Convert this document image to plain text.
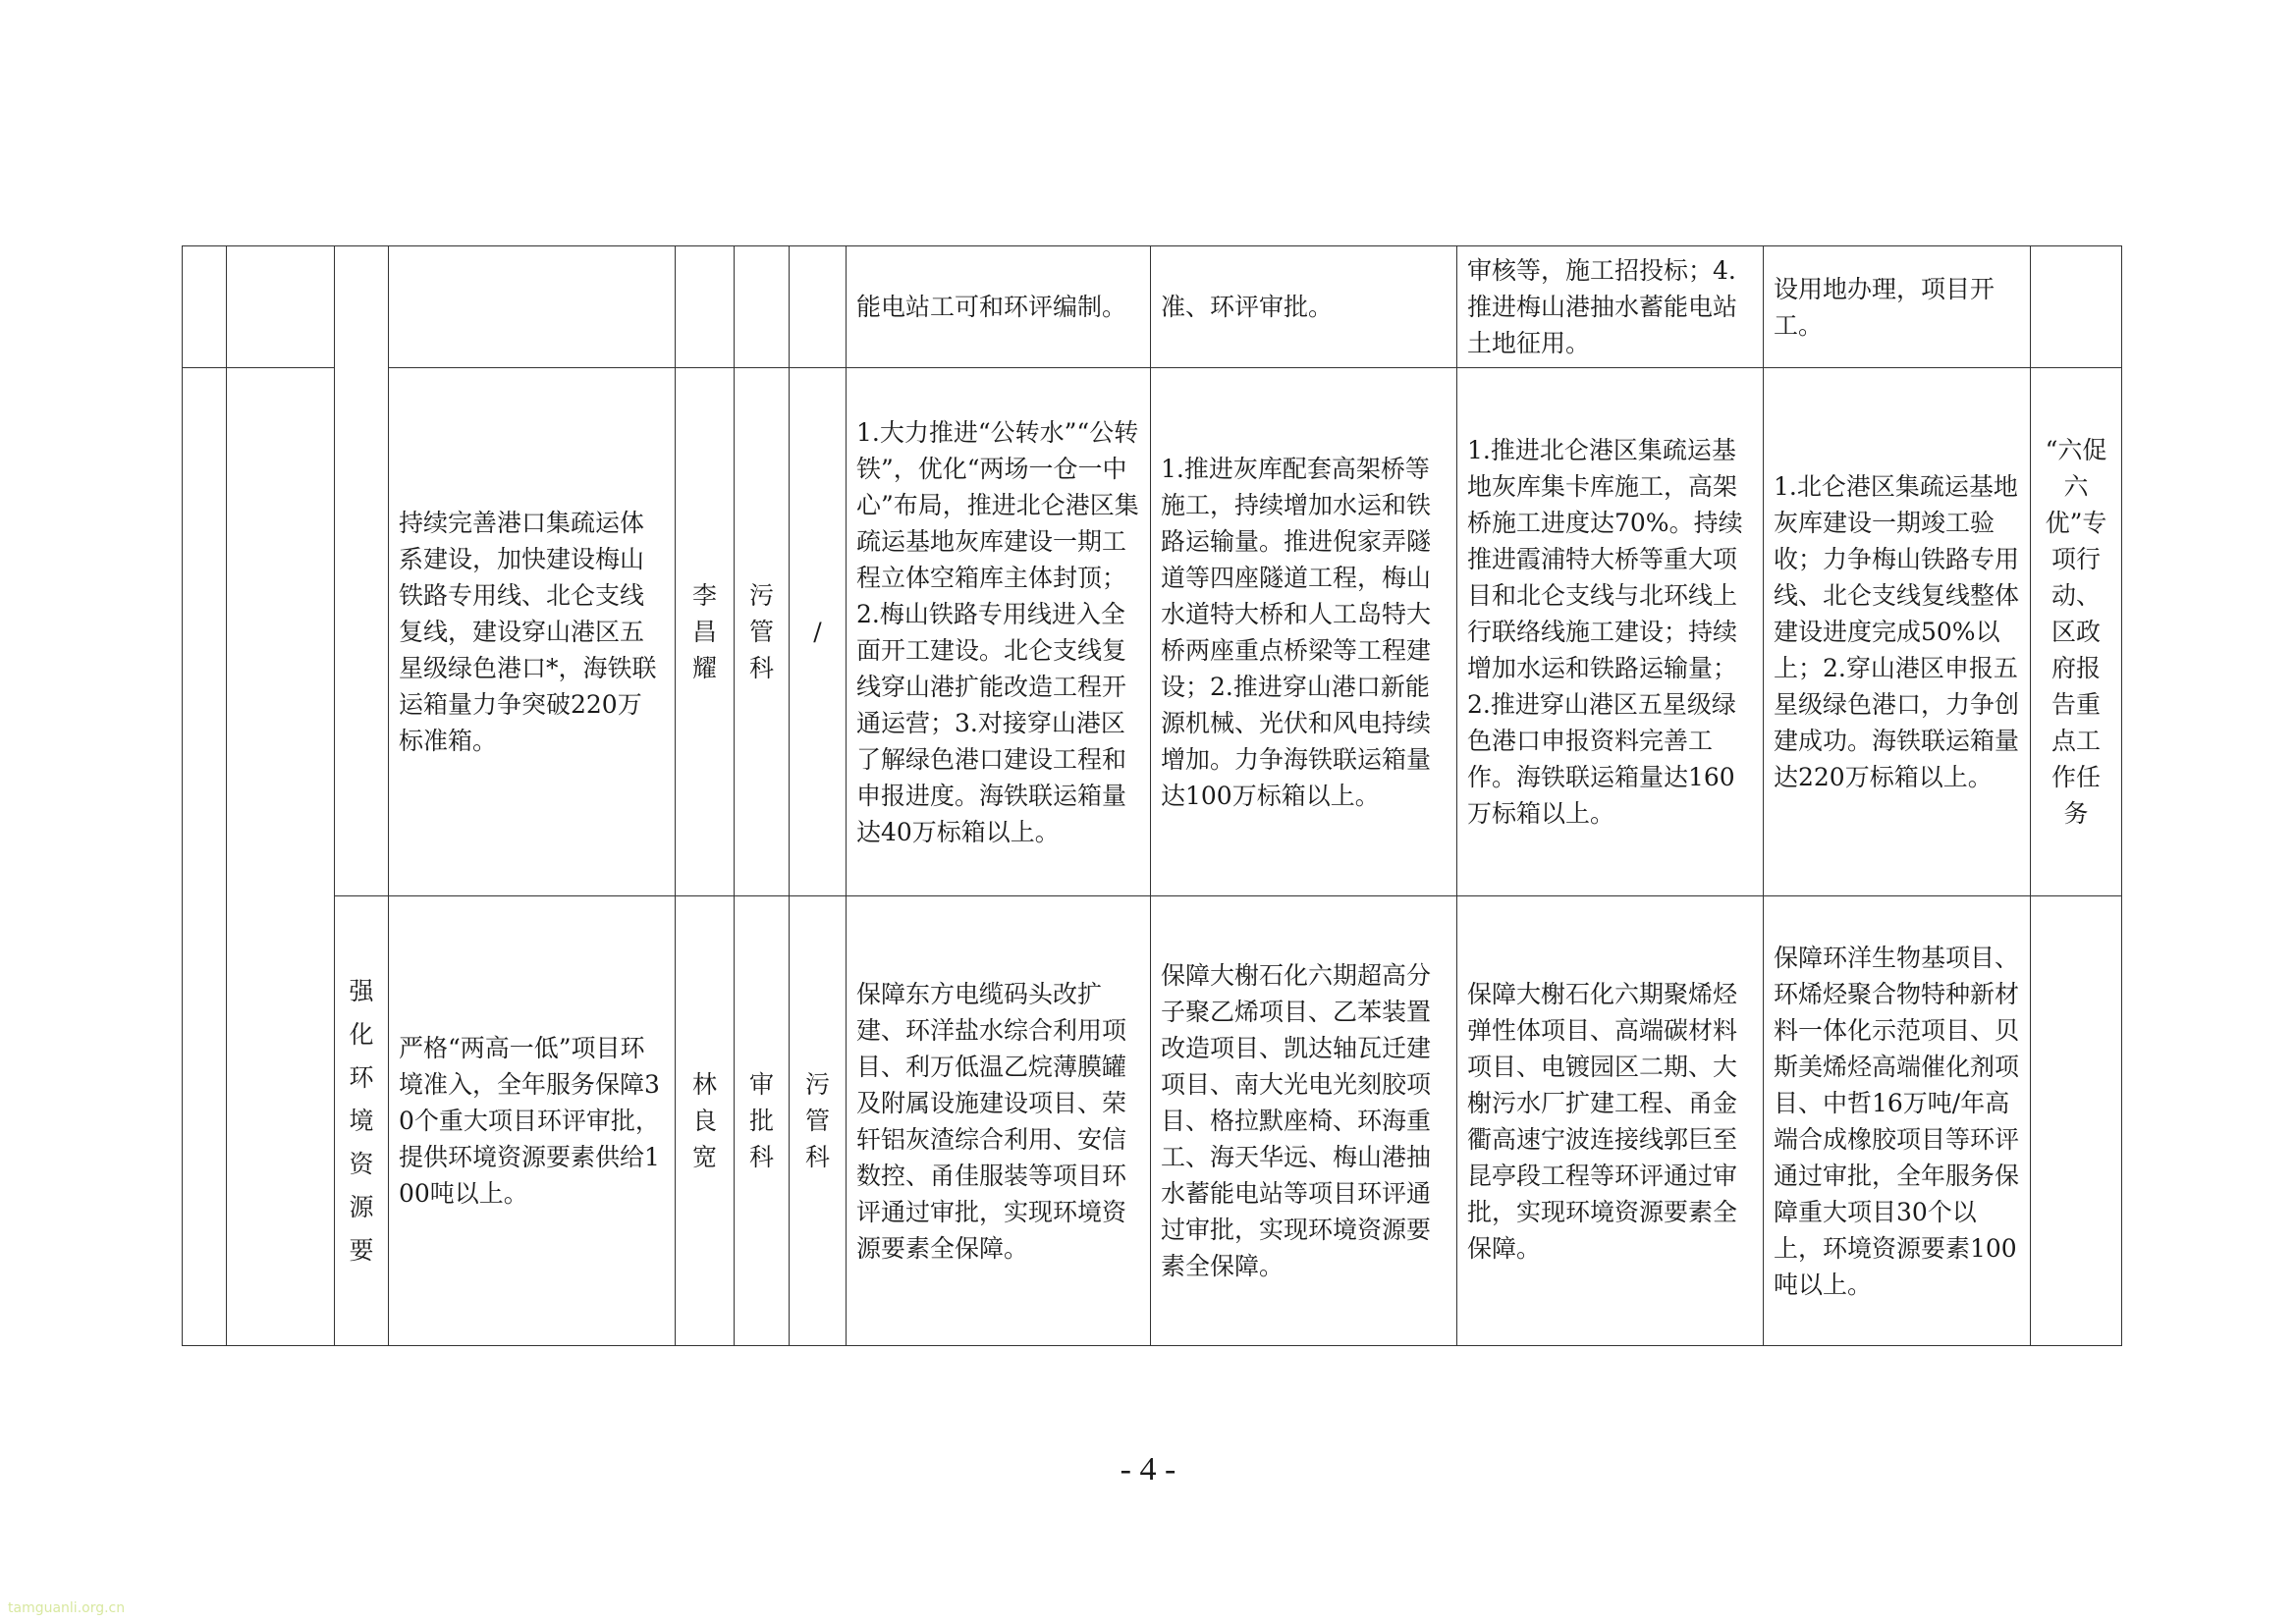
							能电站工可和环评编制。	准、环评审批。	审核等，施工招投标；4.推进梅山港抽水蓄能电站土地征用。	设用地办理，项目开工。	
			持续完善港口集疏运体系建设，加快建设梅山铁路专用线、北仑支线复线，建设穿山港区五星级绿色港口*，海铁联运箱量力争突破220万标准箱。	李昌耀	污管科	/	1.大力推进“公转水”“公转铁”，优化“两场一仓一中心”布局，推进北仑港区集疏运基地灰库建设一期工程立体空箱库主体封顶；2.梅山铁路专用线进入全面开工建设。北仑支线复线穿山港扩能改造工程开通运营；3.对接穿山港区了解绿色港口建设工程和申报进度。海铁联运箱量达40万标箱以上。	1.推进灰库配套高架桥等施工，持续增加水运和铁路运输量。推进倪家弄隧道等四座隧道工程，梅山水道特大桥和人工岛特大桥两座重点桥梁等工程建设；2.推进穿山港口新能源机械、光伏和风电持续增加。力争海铁联运箱量达100万标箱以上。	1.推进北仑港区集疏运基地灰库集卡库施工，高架桥施工进度达70%。持续推进霞浦特大桥等重大项目和北仑支线与北环线上行联络线施工建设；持续增加水运和铁路运输量；2.推进穿山港区五星级绿色港口申报资料完善工作。海铁联运箱量达160万标箱以上。	1.北仑港区集疏运基地灰库建设一期竣工验收；力争梅山铁路专用线、北仑支线复线整体建设进度完成50%以上；2.穿山港区申报五星级绿色港口，力争创建成功。海铁联运箱量达220万标箱以上。	“六促六优”专项行动、区政府报告重点工作任务
		强化环境资源要	严格“两高一低”项目环境准入，全年服务保障30个重大项目环评审批，提供环境资源要素供给100吨以上。	林良宽	审批科	污管科	保障东方电缆码头改扩建、环洋盐水综合利用项目、利万低温乙烷薄膜罐及附属设施建设项目、荣轩铝灰渣综合利用、安信数控、甬佳服装等项目环评通过审批，实现环境资源要素全保障。	保障大榭石化六期超高分子聚乙烯项目、乙苯装置改造项目、凯达轴瓦迁建项目、南大光电光刻胶项目、格拉默座椅、环海重工、海天华远、梅山港抽水蓄能电站等项目环评通过审批，实现环境资源要素全保障。	保障大榭石化六期聚烯烃弹性体项目、高端碳材料项目、电镀园区二期、大榭污水厂扩建工程、甬金衢高速宁波连接线郭巨至昆亭段工程等环评通过审批，实现环境资源要素全保障。	保障环洋生物基项目、环烯烃聚合物特种新材料一体化示范项目、贝斯美烯烃高端催化剂项目、中哲16万吨/年高端合成橡胶项目等环评通过审批，全年服务保障重大项目30个以上，环境资源要素100吨以上。	
- 4 -
tamguanli.org.cn
